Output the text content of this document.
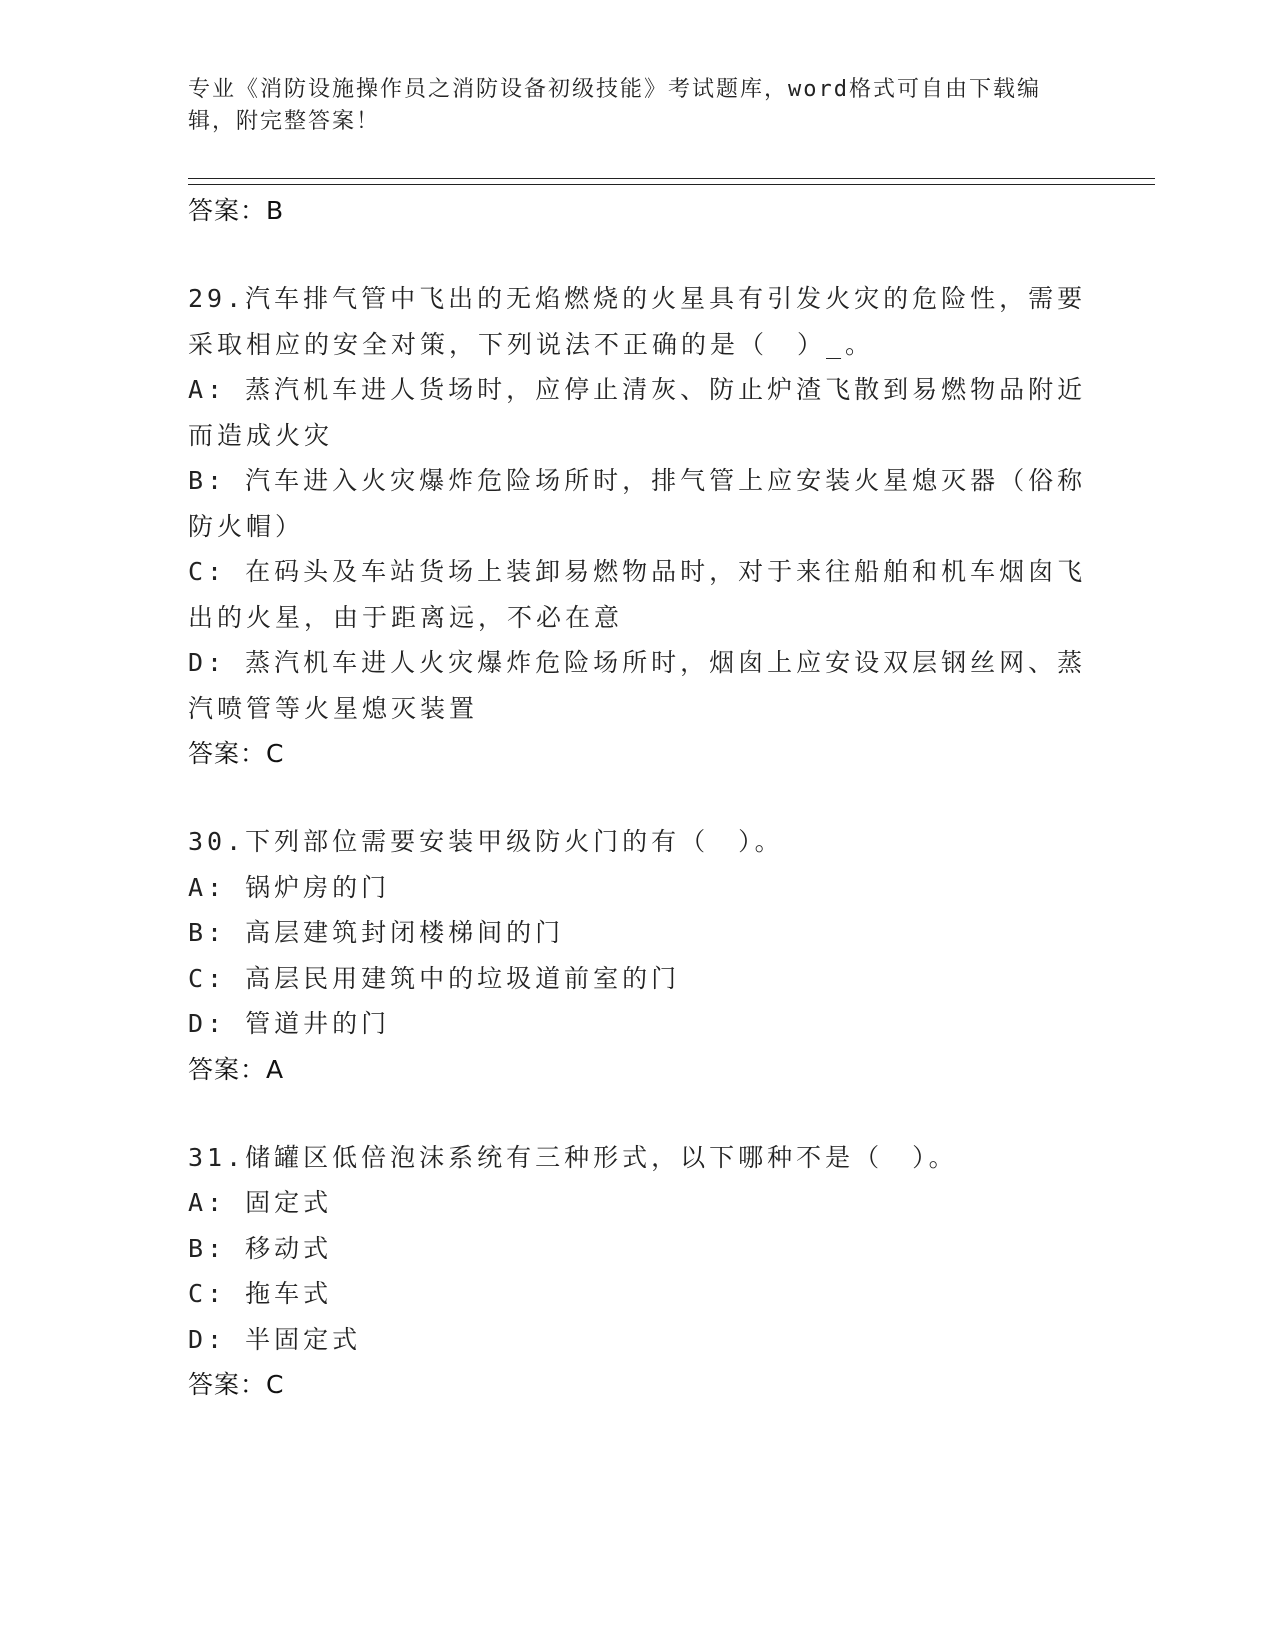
专业《消防设施操作员之消防设备初级技能》考试题库，word格式可自由下载编辑，附完整答案！
答案：B

29.汽车排气管中飞出的无焰燃烧的火星具有引发火灾的危险性，需要采取相应的安全对策，下列说法不正确的是（　）_。

A: 蒸汽机车进人货场时，应停止清灰、防止炉渣飞散到易燃物品附近而造成火灾

B: 汽车进入火灾爆炸危险场所时，排气管上应安装火星熄灭器（俗称防火帽）

C: 在码头及车站货场上装卸易燃物品时，对于来往船舶和机车烟囱飞出的火星，由于距离远，不必在意

D: 蒸汽机车进人火灾爆炸危险场所时，烟囱上应安设双层钢丝网、蒸汽喷管等火星熄灭装置

答案：C

30.下列部位需要安装甲级防火门的有（　）。

A: 锅炉房的门

B: 高层建筑封闭楼梯间的门

C: 高层民用建筑中的垃圾道前室的门

D: 管道井的门

答案：A

31.储罐区低倍泡沫系统有三种形式，以下哪种不是（　）。

A: 固定式

B: 移动式

C: 拖车式

D: 半固定式

答案：C
